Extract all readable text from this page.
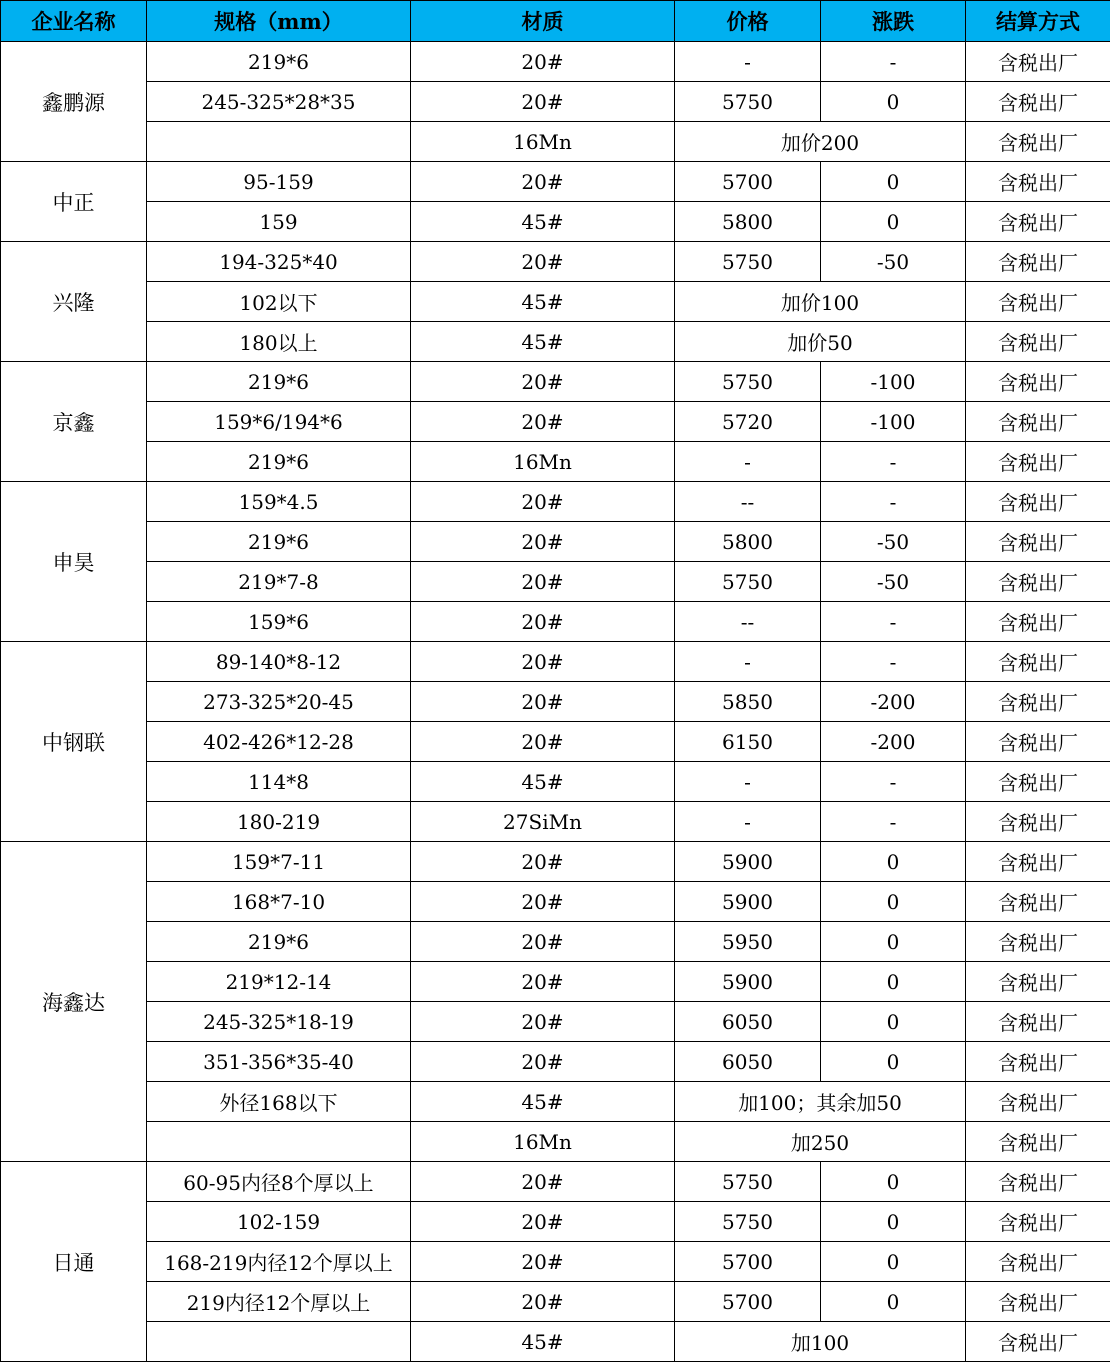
企业名称	规格（mm）	材质	价格	涨跌	结算方式
鑫鹏源	219*6	20#	-	-	含税出厂
	245-325*28*35	20#	5750	0	含税出厂
		16Mn	加价200		含税出厂
中正	95-159	20#	5700	0	含税出厂
	159	45#	5800	0	含税出厂
兴隆	194-325*40	20#	5750	-50	含税出厂
	102以下	45#	加价100		含税出厂
	180以上	45#	加价50		含税出厂
京鑫	219*6	20#	5750	-100	含税出厂
	159*6/194*6	20#	5720	-100	含税出厂
	219*6	16Mn	-	-	含税出厂
申昊	159*4.5	20#	--	-	含税出厂
	219*6	20#	5800	-50	含税出厂
	219*7-8	20#	5750	-50	含税出厂
	159*6	20#	--	-	含税出厂
中钢联	89-140*8-12	20#	-	-	含税出厂
	273-325*20-45	20#	5850	-200	含税出厂
	402-426*12-28	20#	6150	-200	含税出厂
	114*8	45#	-	-	含税出厂
	180-219	27SiMn	-	-	含税出厂
海鑫达	159*7-11	20#	5900	0	含税出厂
	168*7-10	20#	5900	0	含税出厂
	219*6	20#	5950	0	含税出厂
	219*12-14	20#	5900	0	含税出厂
	245-325*18-19	20#	6050	0	含税出厂
	351-356*35-40	20#	6050	0	含税出厂
	外径168以下	45#	加100；其余加50		含税出厂
		16Mn	加250		含税出厂
日通	60-95内径8个厚以上	20#	5750	0	含税出厂
	102-159	20#	5750	0	含税出厂
	168-219内径12个厚以上	20#	5700	0	含税出厂
	219内径12个厚以上	20#	5700	0	含税出厂
		45#	加100		含税出厂
